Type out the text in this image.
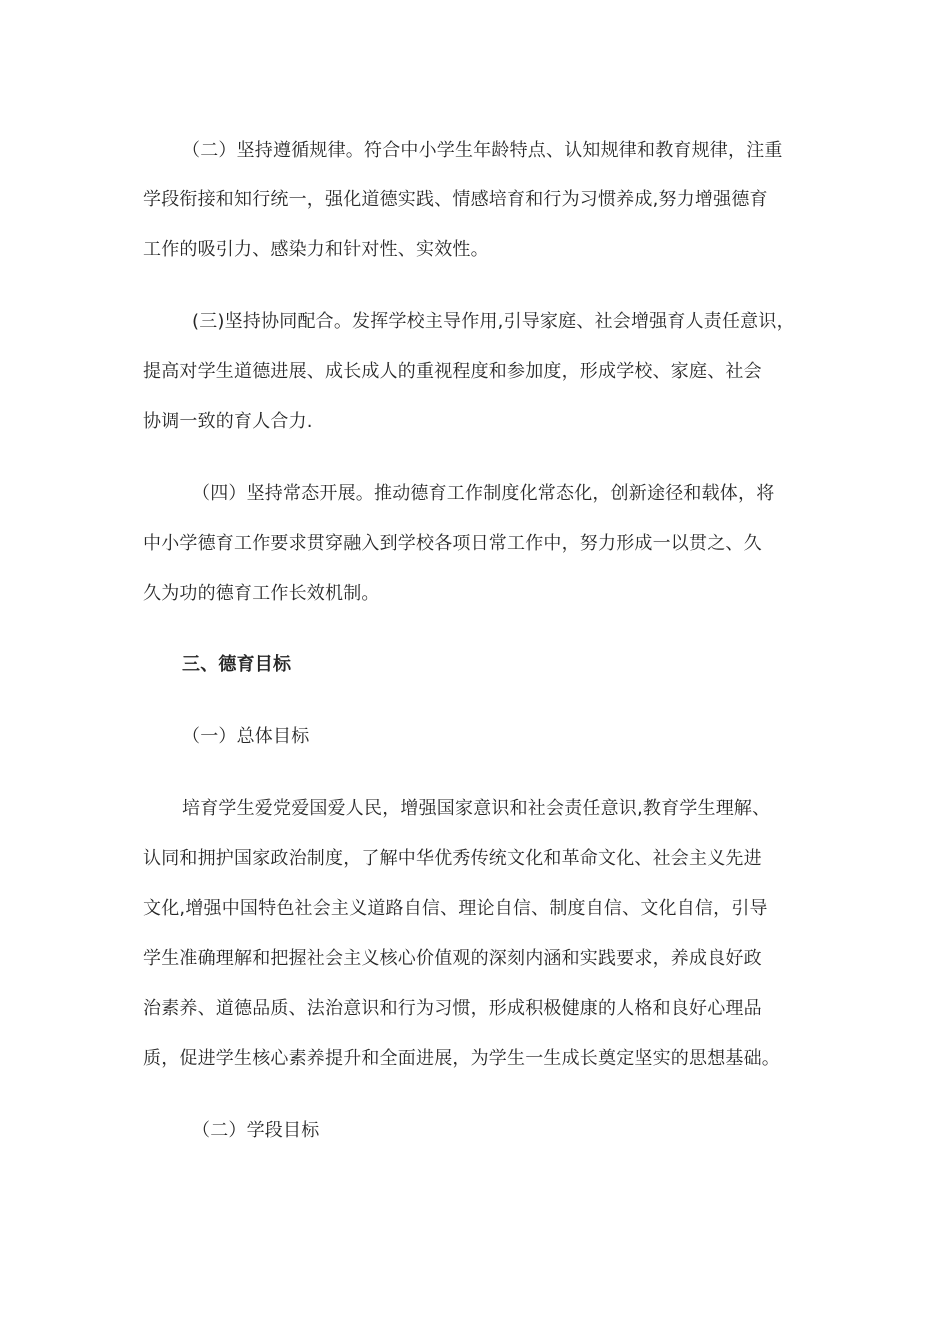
（二）坚持遵循规律。符合中小学生年龄特点、认知规律和教育规律，注重
学段衔接和知行统一，强化道德实践、情感培育和行为习惯养成,努力增强德育
工作的吸引力、感染力和针对性、实效性。
(三)坚持协同配合。发挥学校主导作用,引导家庭、社会增强育人责任意识，
提高对学生道德进展、成长成人的重视程度和参加度，形成学校、家庭、社会
协调一致的育人合力.
（四）坚持常态开展。推动德育工作制度化常态化，创新途径和载体，将
中小学德育工作要求贯穿融入到学校各项日常工作中，努力形成一以贯之、久
久为功的德育工作长效机制。
三、德育目标
（一）总体目标
培育学生爱党爱国爱人民，增强国家意识和社会责任意识,教育学生理解、
认同和拥护国家政治制度，了解中华优秀传统文化和革命文化、社会主义先进
文化,增强中国特色社会主义道路自信、理论自信、制度自信、文化自信，引导
学生准确理解和把握社会主义核心价值观的深刻内涵和实践要求，养成良好政
治素养、道德品质、法治意识和行为习惯，形成积极健康的人格和良好心理品
质，促进学生核心素养提升和全面进展，为学生一生成长奠定坚实的思想基础。
（二）学段目标
